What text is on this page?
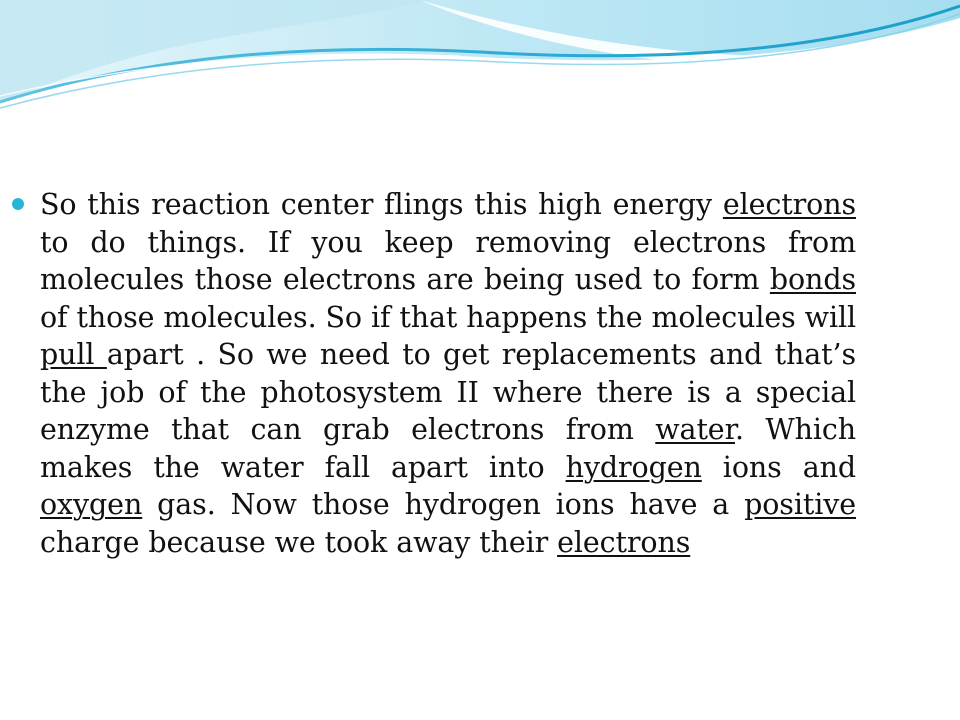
So this reaction center flings this high energy electrons to do things. If you keep removing electrons from molecules those electrons are being used to form bonds of those molecules. So if that happens the molecules will pull apart . So we need to get replacements and that’s the job of the photosystem II where there is a special enzyme that can grab electrons from water. Which makes the water fall apart into hydrogen ions and oxygen gas. Now those hydrogen ions have a positive charge because we took away their electrons
